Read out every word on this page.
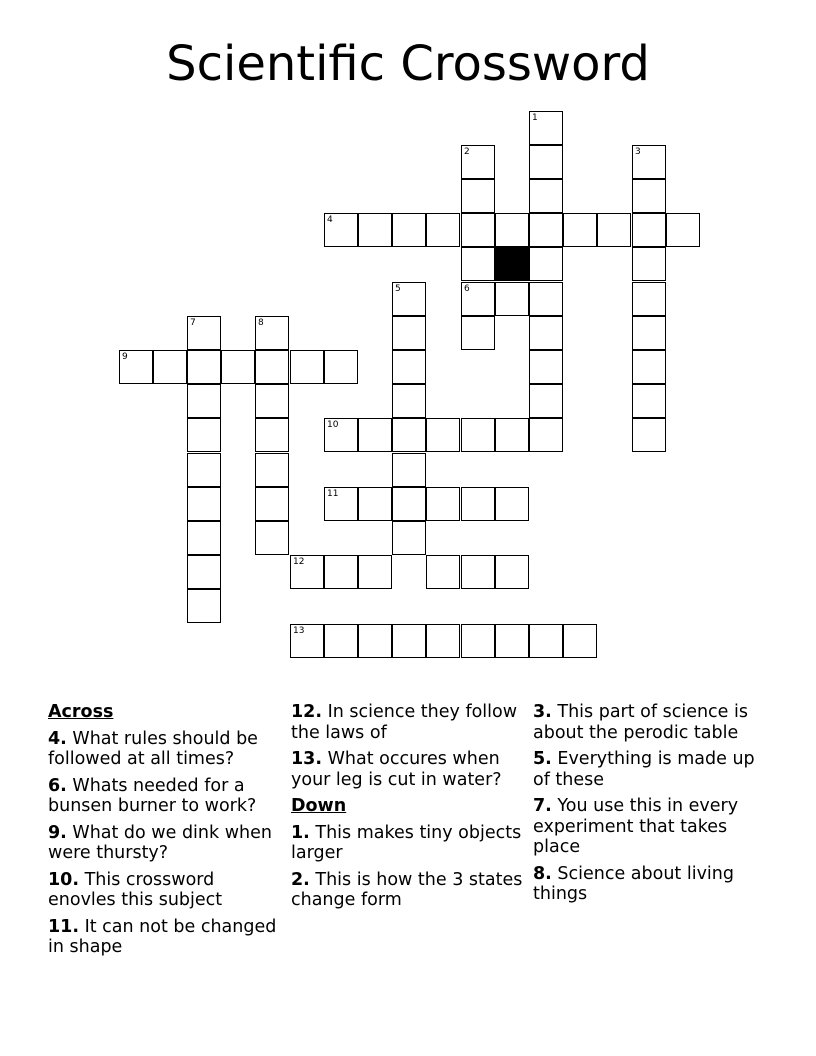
Scientific Crossword
1
2
6
3
4
5
7	8
9
10
11
12
13
Across
4. What rules should be followed at all times?
6. Whats needed for a bunsen burner to work?
9. What do we dink when were thursty?
10. This crossword enovles this subject
11. It can not be changed in shape
12. In science they follow the laws of
13. What occures when your leg is cut in water?
Down
1. This makes tiny objects larger
2. This is how the 3 states change form
3. This part of science is about the perodic table
5. Everything is made up of these
7. You use this in every experiment that takes place
8. Science about living things
